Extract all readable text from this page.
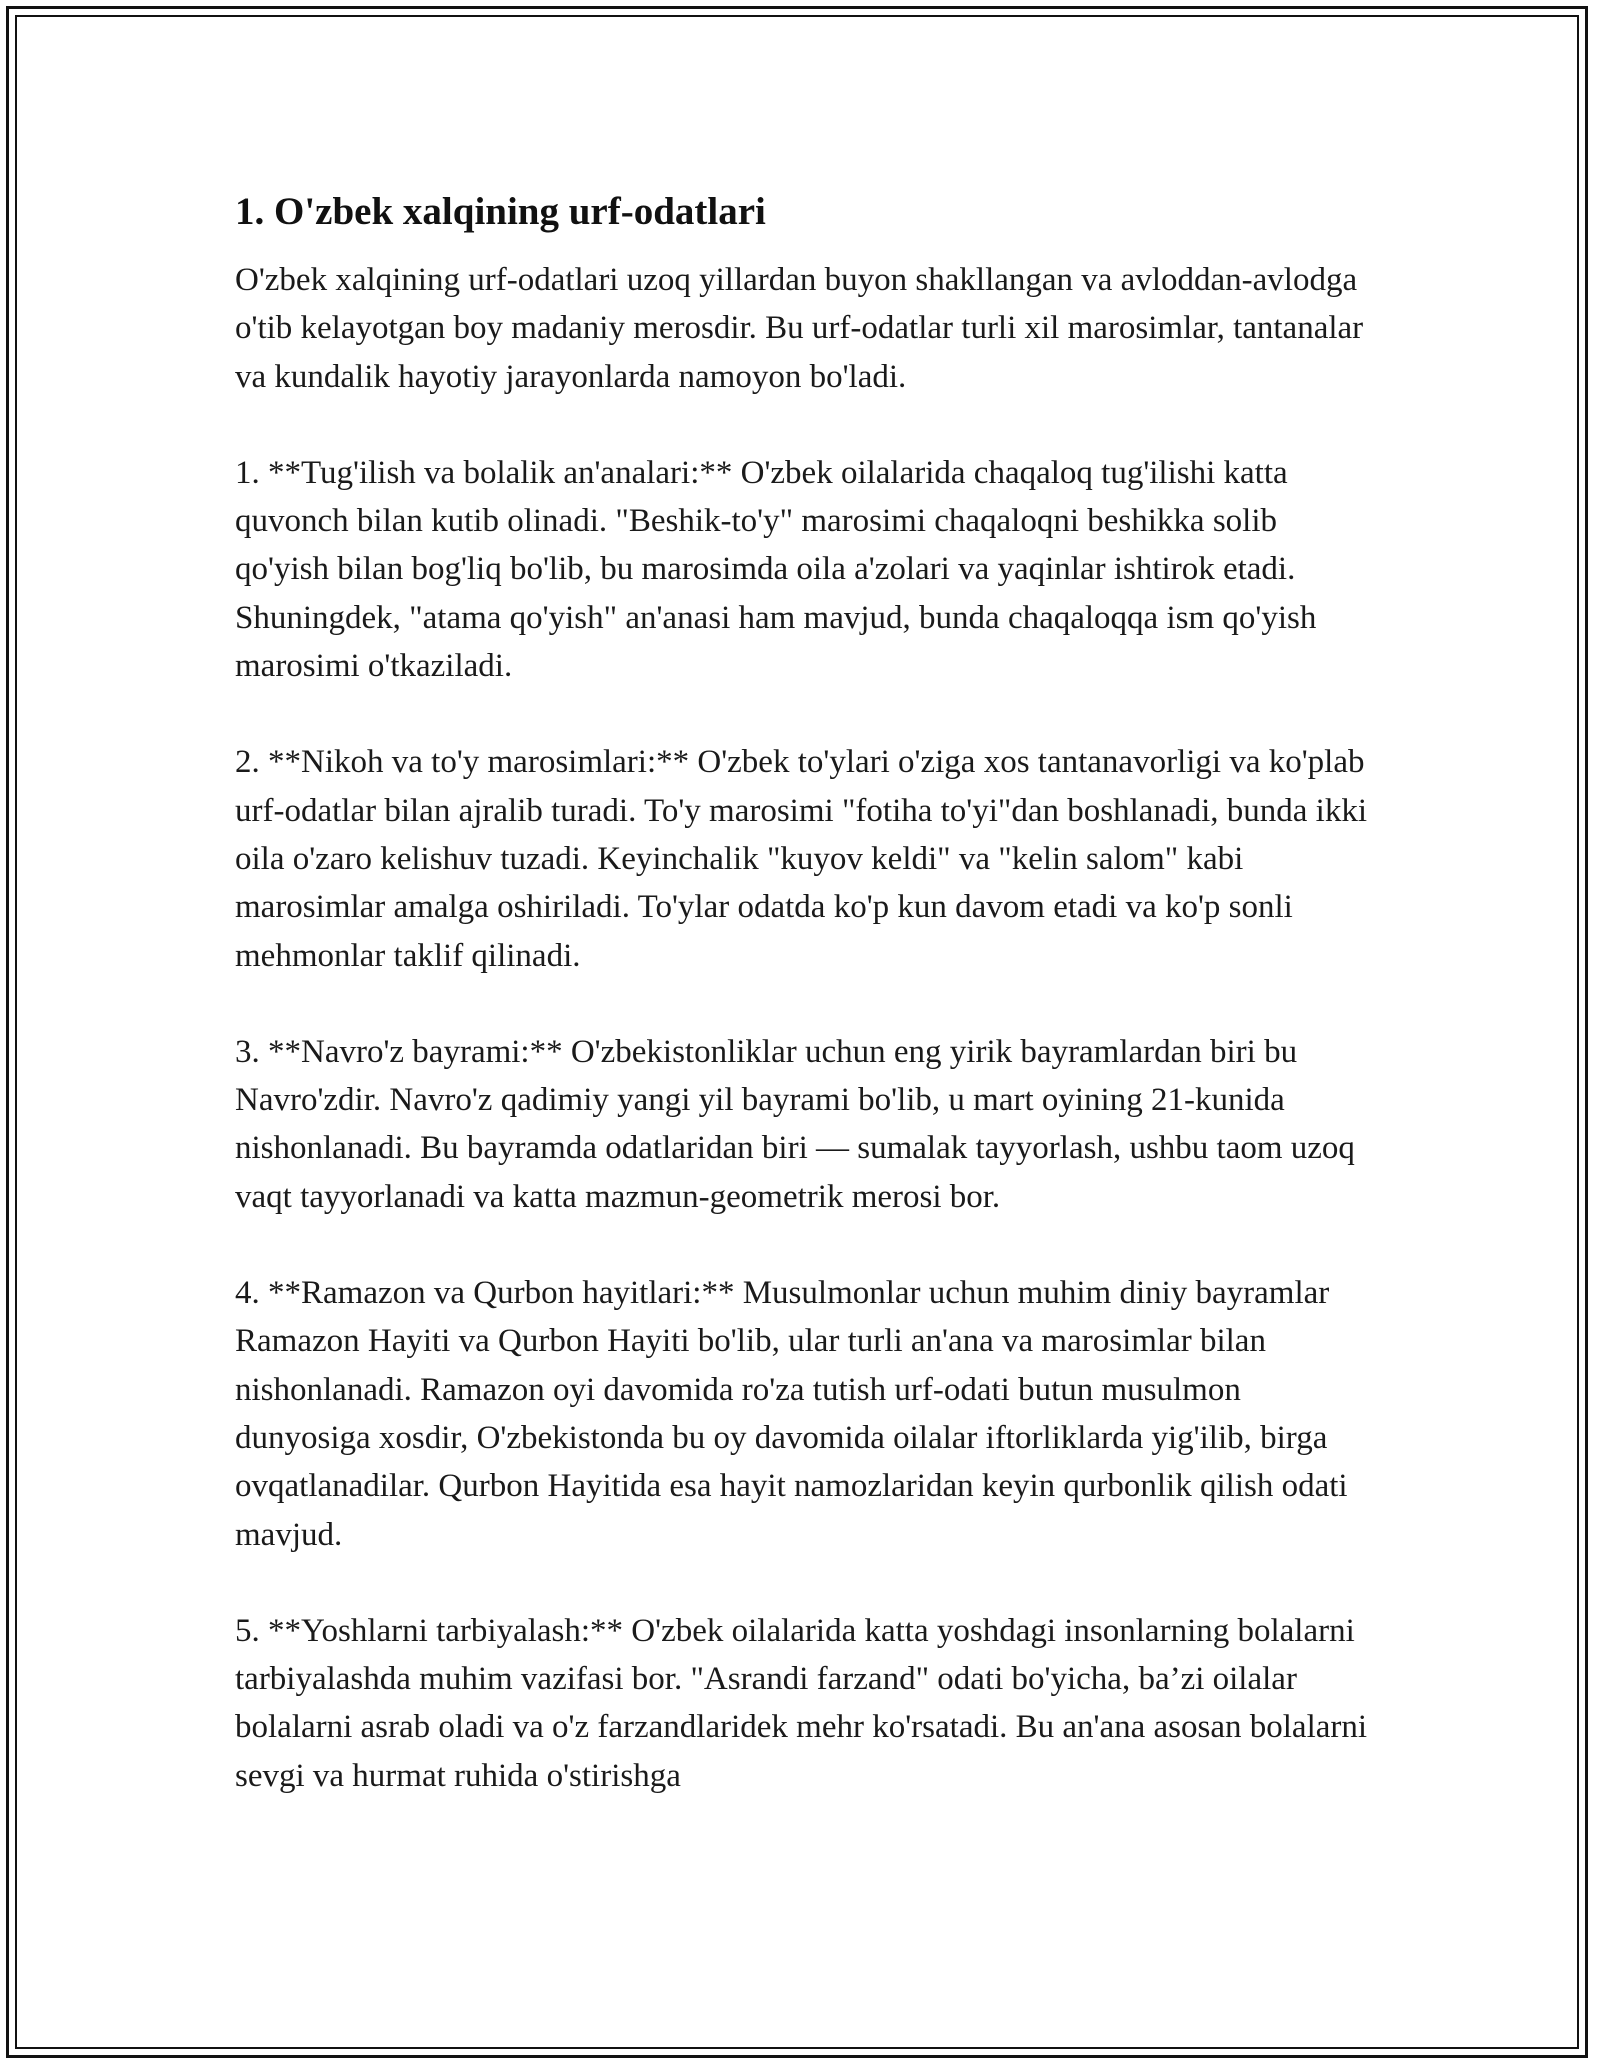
1. O'zbek xalqining urf-odatlari

O'zbek xalqining urf-odatlari uzoq yillardan buyon shakllangan va avloddan-avlodga o'tib kelayotgan boy madaniy merosdir. Bu urf-odatlar turli xil marosimlar, tantanalar va kundalik hayotiy jarayonlarda namoyon bo'ladi.

1. **Tug'ilish va bolalik an'analari:** O'zbek oilalarida chaqaloq tug'ilishi katta quvonch bilan kutib olinadi. "Beshik-to'y" marosimi chaqaloqni beshikka solib qo'yish bilan bog'liq bo'lib, bu marosimda oila a'zolari va yaqinlar ishtirok etadi. Shuningdek, "atama qo'yish" an'anasi ham mavjud, bunda chaqaloqqa ism qo'yish marosimi o'tkaziladi.

2. **Nikoh va to'y marosimlari:** O'zbek to'ylari o'ziga xos tantanavorligi va ko'plab urf-odatlar bilan ajralib turadi. To'y marosimi "fotiha to'yi"dan boshlanadi, bunda ikki oila o'zaro kelishuv tuzadi. Keyinchalik "kuyov keldi" va "kelin salom" kabi marosimlar amalga oshiriladi. To'ylar odatda ko'p kun davom etadi va ko'p sonli mehmonlar taklif qilinadi.

3. **Navro'z bayrami:** O'zbekistonliklar uchun eng yirik bayramlardan biri bu Navro'zdir. Navro'z qadimiy yangi yil bayrami bo'lib, u mart oyining 21-kunida nishonlanadi. Bu bayramda odatlaridan biri — sumalak tayyorlash, ushbu taom uzoq vaqt tayyorlanadi va katta mazmun-geometrik merosi bor.

4. **Ramazon va Qurbon hayitlari:** Musulmonlar uchun muhim diniy bayramlar Ramazon Hayiti va Qurbon Hayiti bo'lib, ular turli an'ana va marosimlar bilan nishonlanadi. Ramazon oyi davomida ro'za tutish urf-odati butun musulmon dunyosiga xosdir, O'zbekistonda bu oy davomida oilalar iftorliklarda yig'ilib, birga ovqatlanadilar. Qurbon Hayitida esa hayit namozlaridan keyin qurbonlik qilish odati mavjud.

5. **Yoshlarni tarbiyalash:** O'zbek oilalarida katta yoshdagi insonlarning bolalarni tarbiyalashda muhim vazifasi bor. "Asrandi farzand" odati bo'yicha, ba’zi oilalar bolalarni asrab oladi va o'z farzandlaridek mehr ko'rsatadi. Bu an'ana asosan bolalarni sevgi va hurmat ruhida o'stirishga
